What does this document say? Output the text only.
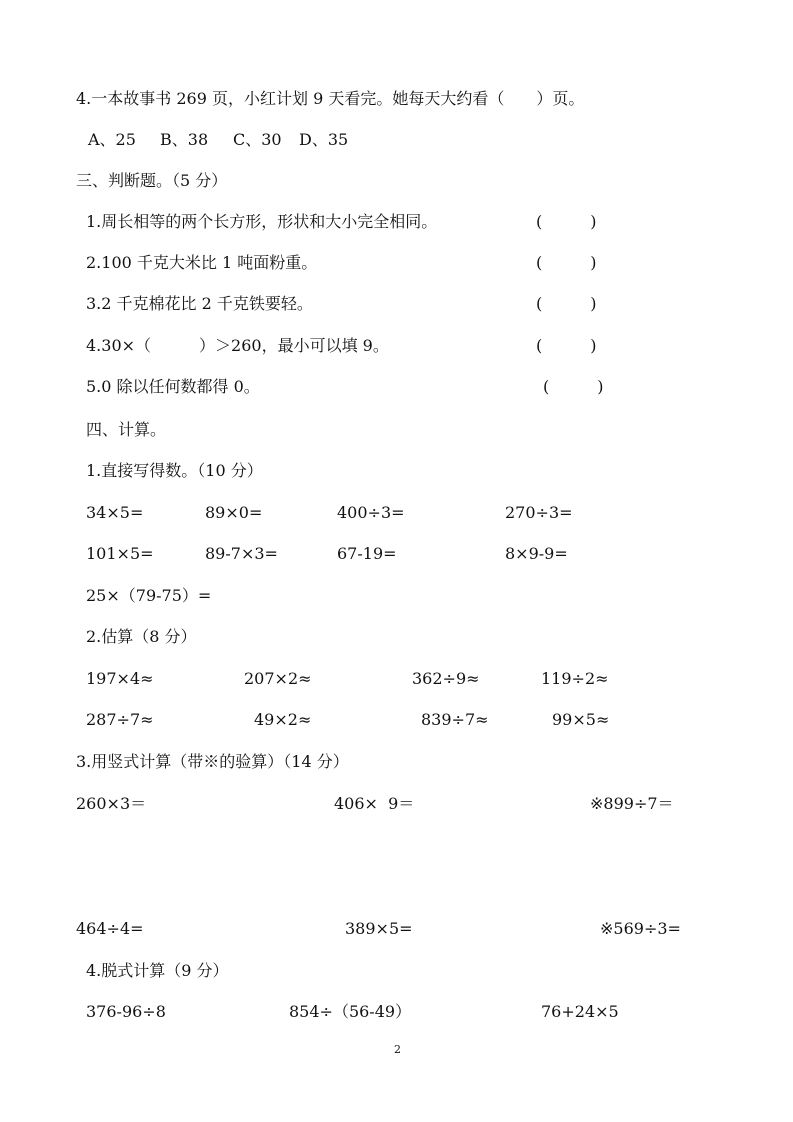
4.一本故事书 269 页，小红计划 9 天看完。她每天大约看（　　）页。
A、25 B、38 C、30 D、35
三、判断题。（5 分）
1.周长相等的两个长方形，形状和大小完全相同。	(　　　)
2.100 千克大米比 1 吨面粉重。	(　　　)
3.2 千克棉花比 2 千克铁要轻。	(　　　)
4.30×（　　　）＞260，最小可以填 9。	(　　　)
5.0 除以任何数都得 0。	(　　　)
四、计算。
1.直接写得数。（10 分）
34×5=	89×0=	400÷3=	270÷3=
101×5=	89-7×3=	67-19=	8×9-9=
25×（79-75）=
2.估算（8 分）
197×4≈	207×2≈	362÷9≈	119÷2≈
287÷7≈	49×2≈	839÷7≈	99×5≈
3.用竖式计算（带※的验算）（14 分）
260×3＝	406×  9＝	※899÷7＝
464÷4=	389×5=	※569÷3=
4.脱式计算（9 分）
376-96÷8	854÷（56-49）	76+24×5
2
